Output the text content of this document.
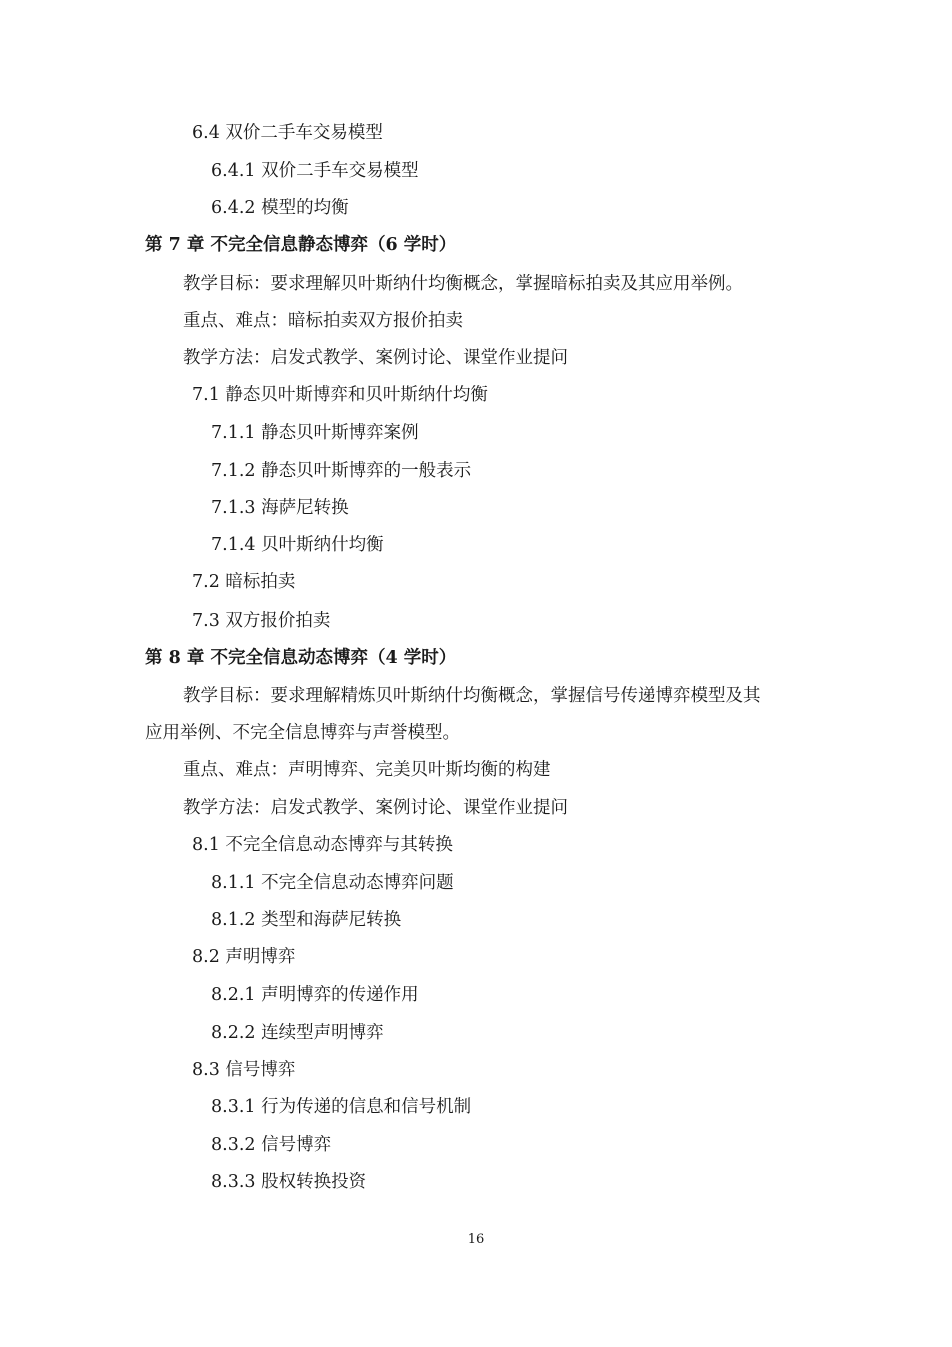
6.4 双价二手车交易模型
6.4.1 双价二手车交易模型
6.4.2 模型的均衡
第 7 章 不完全信息静态博弈（6 学时）
教学目标：要求理解贝叶斯纳什均衡概念，掌握暗标拍卖及其应用举例。
重点、难点：暗标拍卖双方报价拍卖
教学方法：启发式教学、案例讨论、课堂作业提问
7.1 静态贝叶斯博弈和贝叶斯纳什均衡
7.1.1 静态贝叶斯博弈案例
7.1.2 静态贝叶斯博弈的一般表示
7.1.3 海萨尼转换
7.1.4 贝叶斯纳什均衡
7.2 暗标拍卖
7.3 双方报价拍卖
第 8 章 不完全信息动态博弈（4 学时）
教学目标：要求理解精炼贝叶斯纳什均衡概念，掌握信号传递博弈模型及其
应用举例、不完全信息博弈与声誉模型。
重点、难点：声明博弈、完美贝叶斯均衡的构建
教学方法：启发式教学、案例讨论、课堂作业提问
8.1 不完全信息动态博弈与其转换
8.1.1 不完全信息动态博弈问题
8.1.2 类型和海萨尼转换
8.2 声明博弈
8.2.1 声明博弈的传递作用
8.2.2 连续型声明博弈
8.3 信号博弈
8.3.1 行为传递的信息和信号机制
8.3.2 信号博弈
8.3.3 股权转换投资
16
